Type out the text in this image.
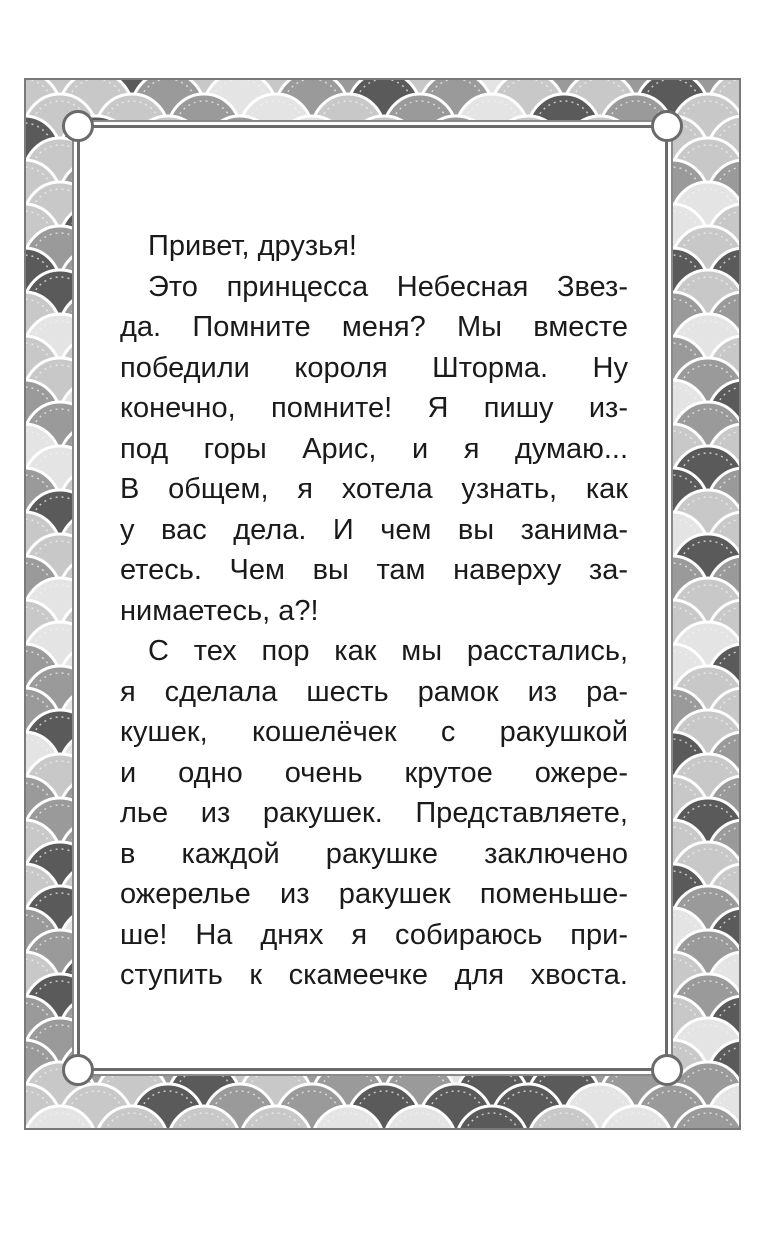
Привет, друзья!

Это принцесса Небесная Звез-
да. Помните меня? Мы вместе
победили короля Шторма. Ну
конечно, помните! Я пишу из-
под горы Арис, и я думаю...
В общем, я хотела узнать, как
у вас дела. И чем вы занима-
етесь. Чем вы там наверху за-
нимаетесь, а?!

С тех пор как мы расстались,
я сделала шесть рамок из ра-
кушек, кошелёчек с ракушкой
и одно очень крутое ожере-
лье из ракушек. Представляете,
в каждой ракушке заключено
ожерелье из ракушек поменьше-
ше! На днях я собираюсь при-
ступить к скамеечке для хвоста.
